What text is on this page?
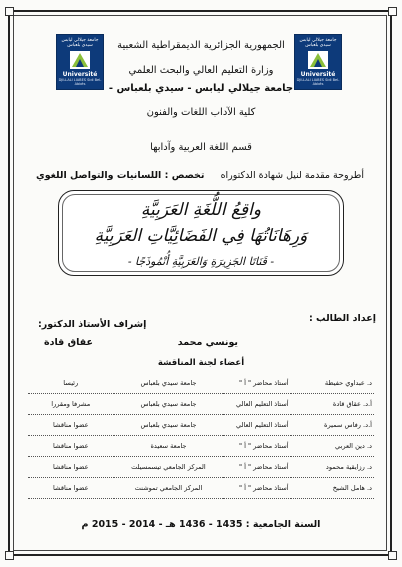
جامعة جيلالي ليابس سيدي بلعباس
Université
DJILLALI LIABES Sidi Bel-Abbès
جامعة جيلالي ليابس سيدي بلعباس
Université
DJILLALI LIABES Sidi Bel-Abbès
الجمهورية الجزائرية الديمقراطية الشعبية
وزارة التعليم العالي والبحث العلمي
جامعة جيلالي ليابس - سيدي بلعباس -
كلية الآداب اللغات والفنون
قسم اللغة العربية وآدابها
أطروحة مقدمة لنيل شهادة الدكتوراه
تخصص : اللسانيات والتواصل اللغوي
واقِعُ اللُّغَةِ العَرَبِيَّةِ
وَرِهَانَاتُهَا فِي الفَضَائِيَّاتِ العَرَبِيَّةِ
- قَنَاتَا الجَزِيرَةِ وَالعَرَبِيَّةِ أُنْمُوذَجًا -
إعداد الطالب :
يونسي محمد
إشراف الأستاذ الدكتور:
عقاق قادة
أعضاء لجنة المناقشة
د. عبداوي حفيظة	أستاذ محاضر " أ "	جامعة سيدي بلعباس	رئيسا
أ.د. عقاق قادة	أستاذ التعليم العالي	جامعة سيدي بلعباس	مشرفا ومقررا
أ.د. رفاس سميرة	أستاذ التعليم العالي	جامعة سيدي بلعباس	عضوا مناقشا
د. دين العربي	أستاذ محاضر " أ "	جامعة سعيدة	عضوا مناقشا
د. رزايقية محمود	أستاذ محاضر " أ "	المركز الجامعي تيسمسيلت	عضوا مناقشا
د. هامل الشيخ	أستاذ محاضر " أ "	المركز الجامعي تموشنت	عضوا مناقشا
السنة الجامعية : 1435 - 1436 هـ - 2014 - 2015 م
